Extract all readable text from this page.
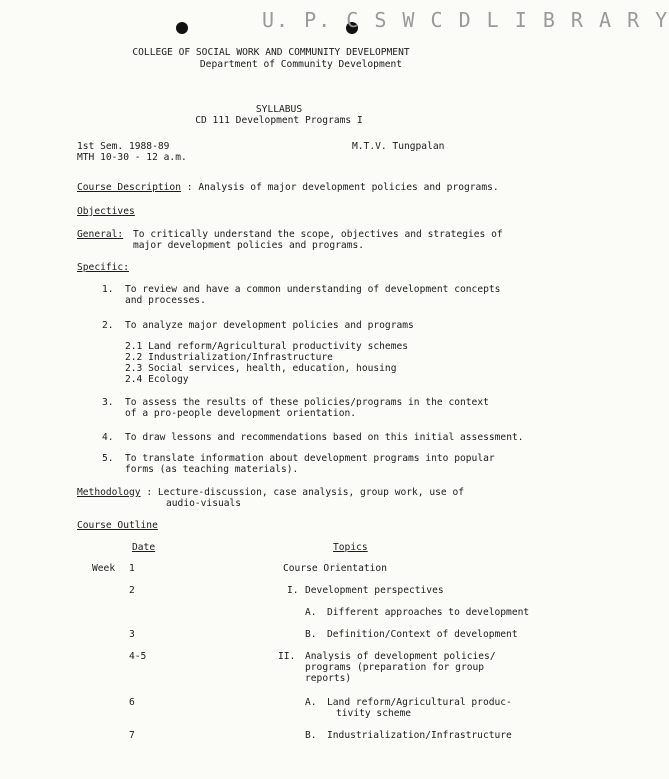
U. P. C S W C D L I B R A R Y
COLLEGE OF SOCIAL WORK AND COMMUNITY DEVELOPMENT
Department of Community Development
SYLLABUS
CD 111 Development Programs I
1st Sem. 1988-89
MTH 10-30 - 12 a.m.
M.T.V. Tungpalan
Course Description : Analysis of major development policies and programs.
Objectives
General: To critically understand the scope, objectives and strategies of
major development policies and programs.
Specific:
1. To review and have a common understanding of development concepts
and processes.
2. To analyze major development policies and programs
2.1 Land reform/Agricultural productivity schemes
2.2 Industrialization/Infrastructure
2.3 Social services, health, education, housing
2.4 Ecology
3. To assess the results of these policies/programs in the context
of a pro-people development orientation.
4. To draw lessons and recommendations based on this initial assessment.
5. To translate information about development programs into popular
forms (as teaching materials).
Methodology : Lecture-discussion, case analysis, group work, use of
audio-visuals
Course Outline
Date	Topics
Week 1	Course Orientation
2	I. Development perspectives
A. Different approaches to development
3	B. Definition/Context of development
4-5	II. Analysis of development policies/
programs (preparation for group
reports)
6	A. Land reform/Agricultural produc-
tivity scheme
7	B. Industrialization/Infrastructure
